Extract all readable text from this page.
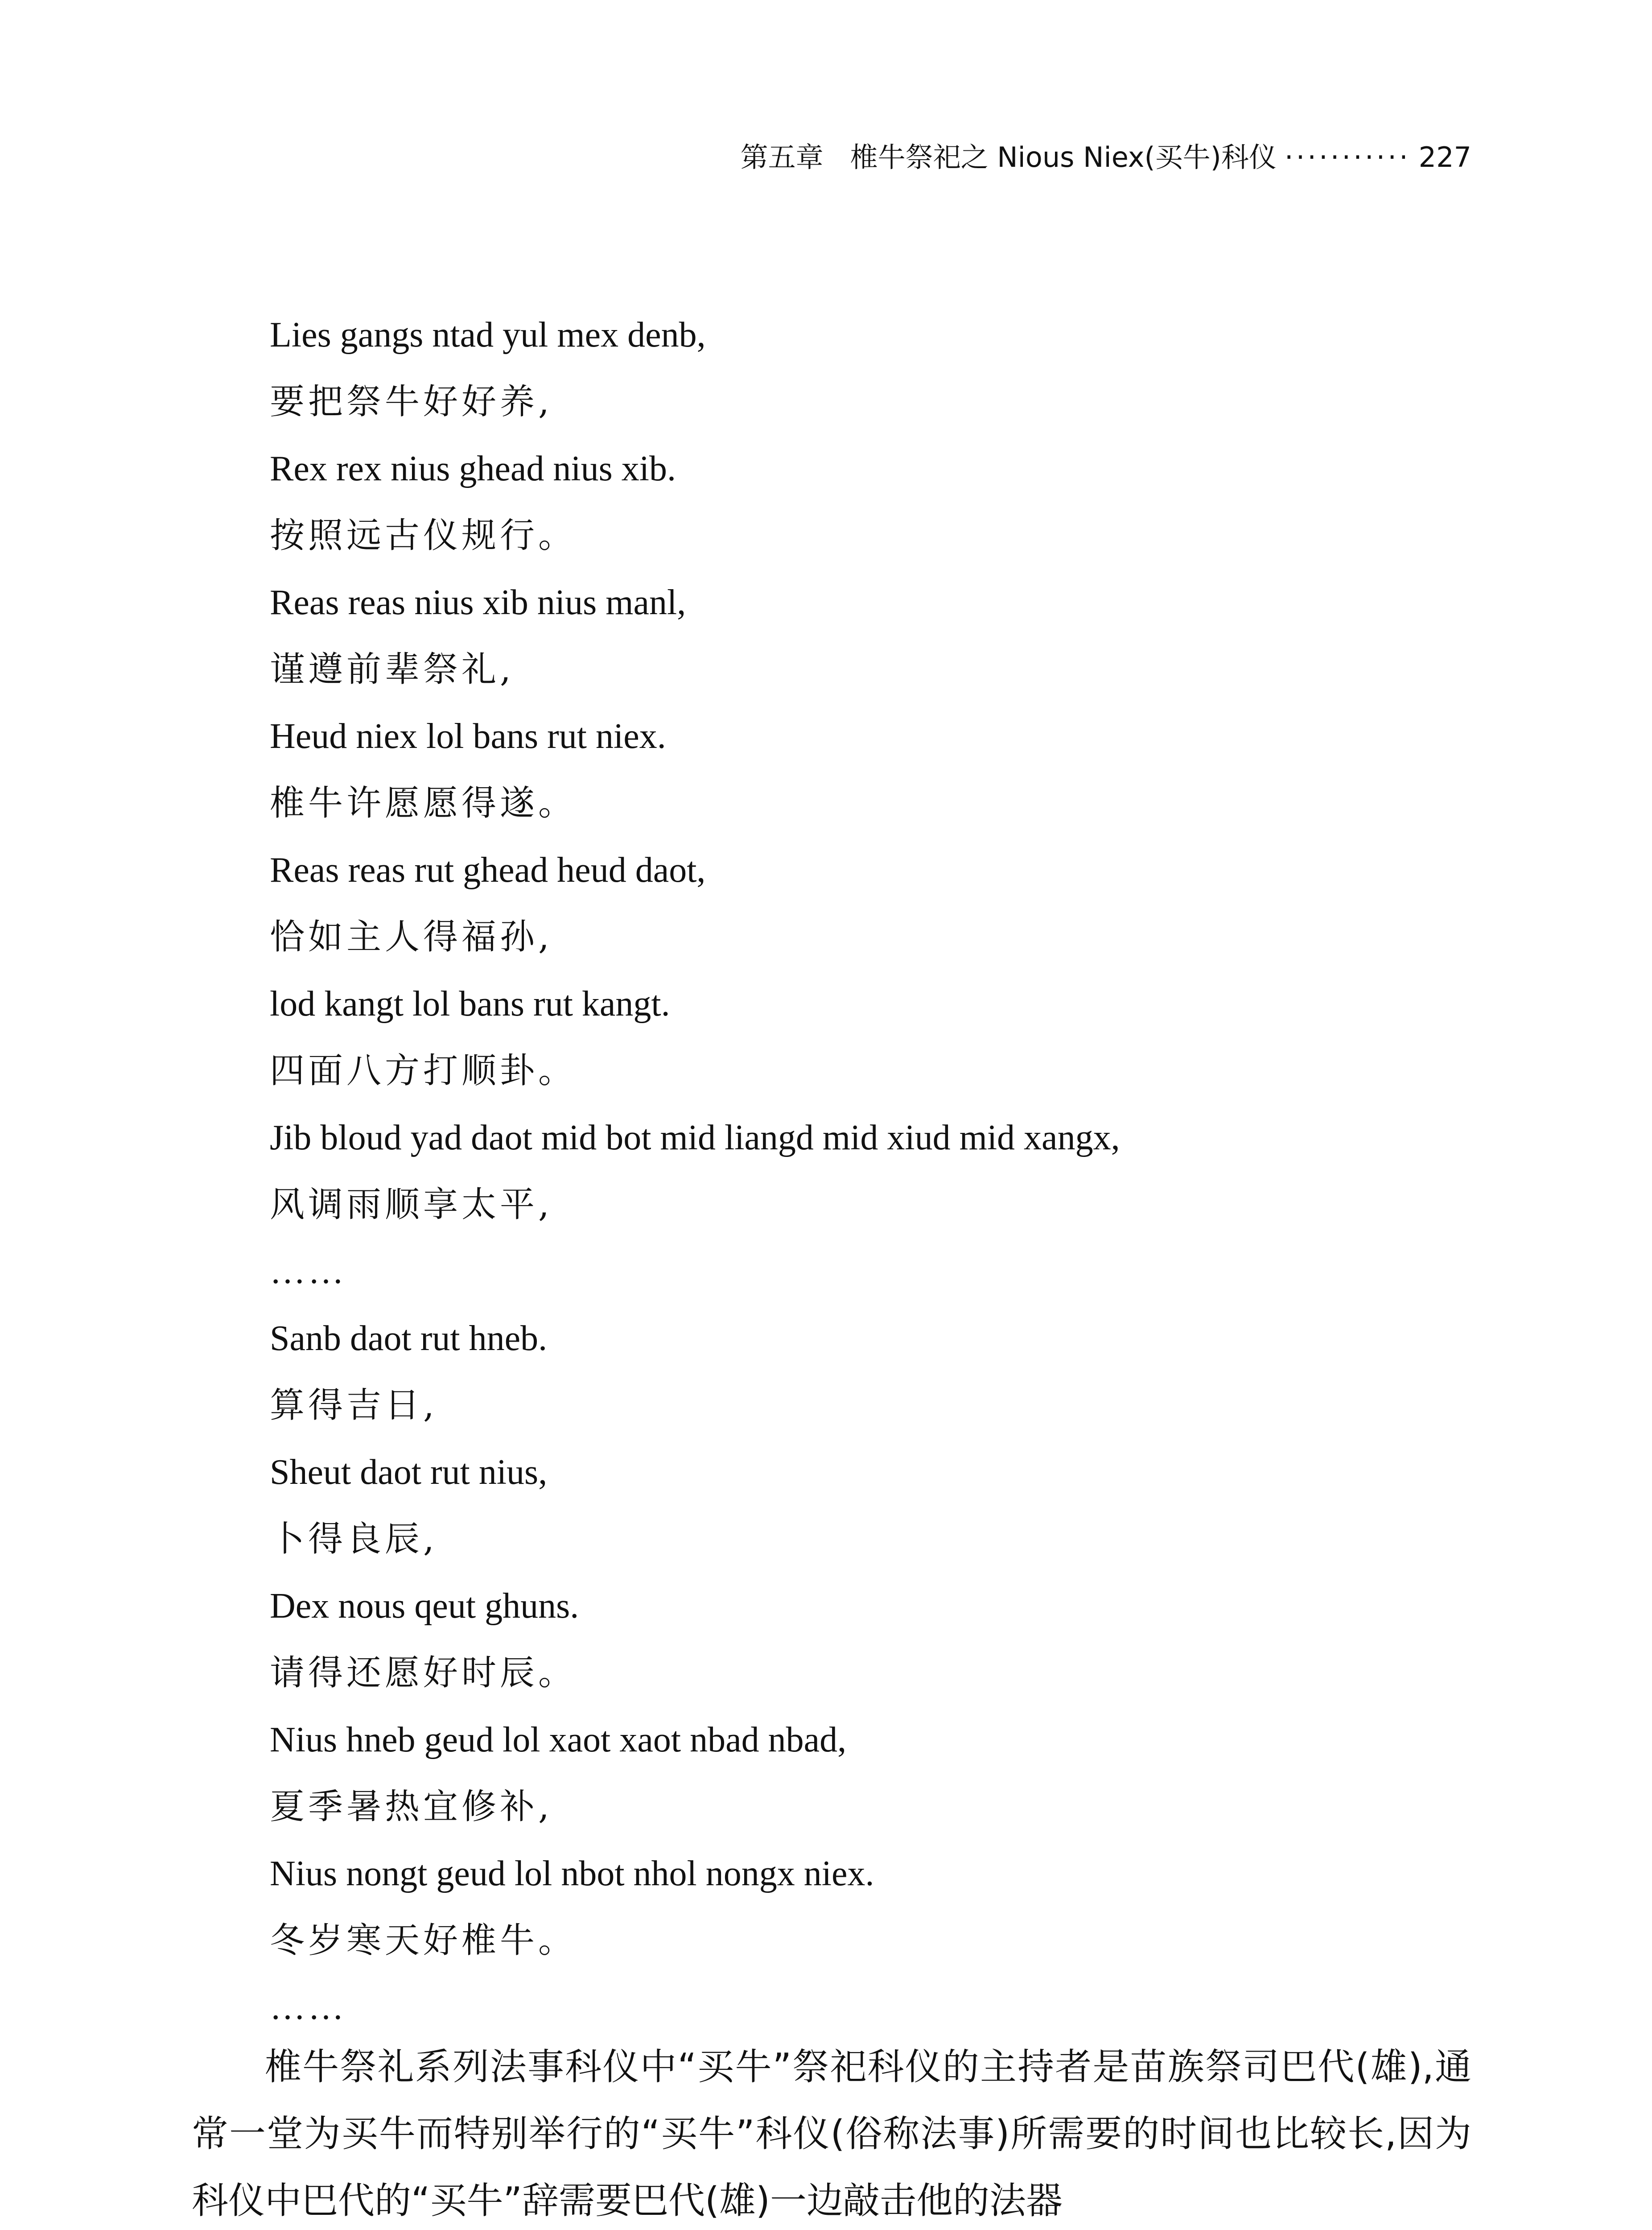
第五章 椎牛祭祀之 Nious Niex(买牛)科仪 ··········· 227
Lies gangs ntad yul mex denb,
要把祭牛好好养,
Rex rex nius ghead nius xib.
按照远古仪规行。
Reas reas nius xib nius manl,
谨遵前辈祭礼,
Heud niex lol bans rut niex.
椎牛许愿愿得遂。
Reas reas rut ghead heud daot,
恰如主人得福孙,
lod kangt lol bans rut kangt.
四面八方打顺卦。
Jib bloud yad daot mid bot mid liangd mid xiud mid xangx,
风调雨顺享太平,
……
Sanb daot rut hneb.
算得吉日,
Sheut daot rut nius,
卜得良辰,
Dex nous qeut ghuns.
请得还愿好时辰。
Nius hneb geud lol xaot xaot nbad nbad,
夏季暑热宜修补,
Nius nongt geud lol nbot nhol nongx niex.
冬岁寒天好椎牛。
……

椎牛祭礼系列法事科仪中“买牛”祭祀科仪的主持者是苗族祭司巴代(雄),通常一堂为买牛而特别举行的“买牛”科仪(俗称法事)所需要的时间也比较长,因为科仪中巴代的“买牛”辞需要巴代(雄)一边敲击他的法器
